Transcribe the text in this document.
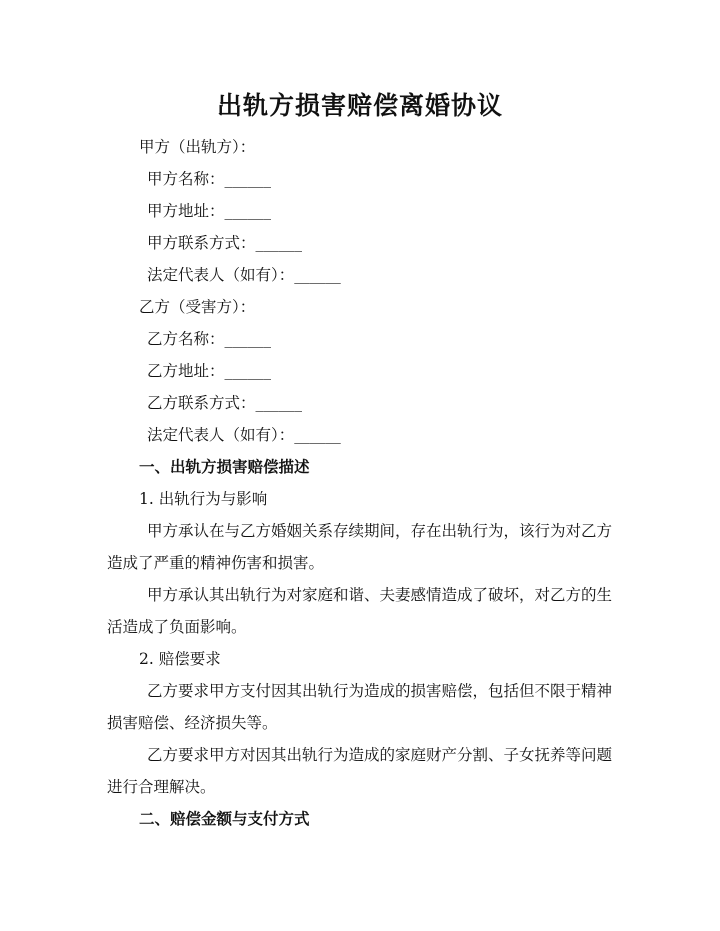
出轨方损害赔偿离婚协议
甲方（出轨方）：
甲方名称：______
甲方地址：______
甲方联系方式：______
法定代表人（如有）：______
乙方（受害方）：
乙方名称：______
乙方地址：______
乙方联系方式：______
法定代表人（如有）：______
一、出轨方损害赔偿描述
1. 出轨行为与影响
甲方承认在与乙方婚姻关系存续期间，存在出轨行为，该行为对乙方造成了严重的精神伤害和损害。
甲方承认其出轨行为对家庭和谐、夫妻感情造成了破坏，对乙方的生活造成了负面影响。
2. 赔偿要求
乙方要求甲方支付因其出轨行为造成的损害赔偿，包括但不限于精神损害赔偿、经济损失等。
乙方要求甲方对因其出轨行为造成的家庭财产分割、子女抚养等问题进行合理解决。
二、赔偿金额与支付方式
